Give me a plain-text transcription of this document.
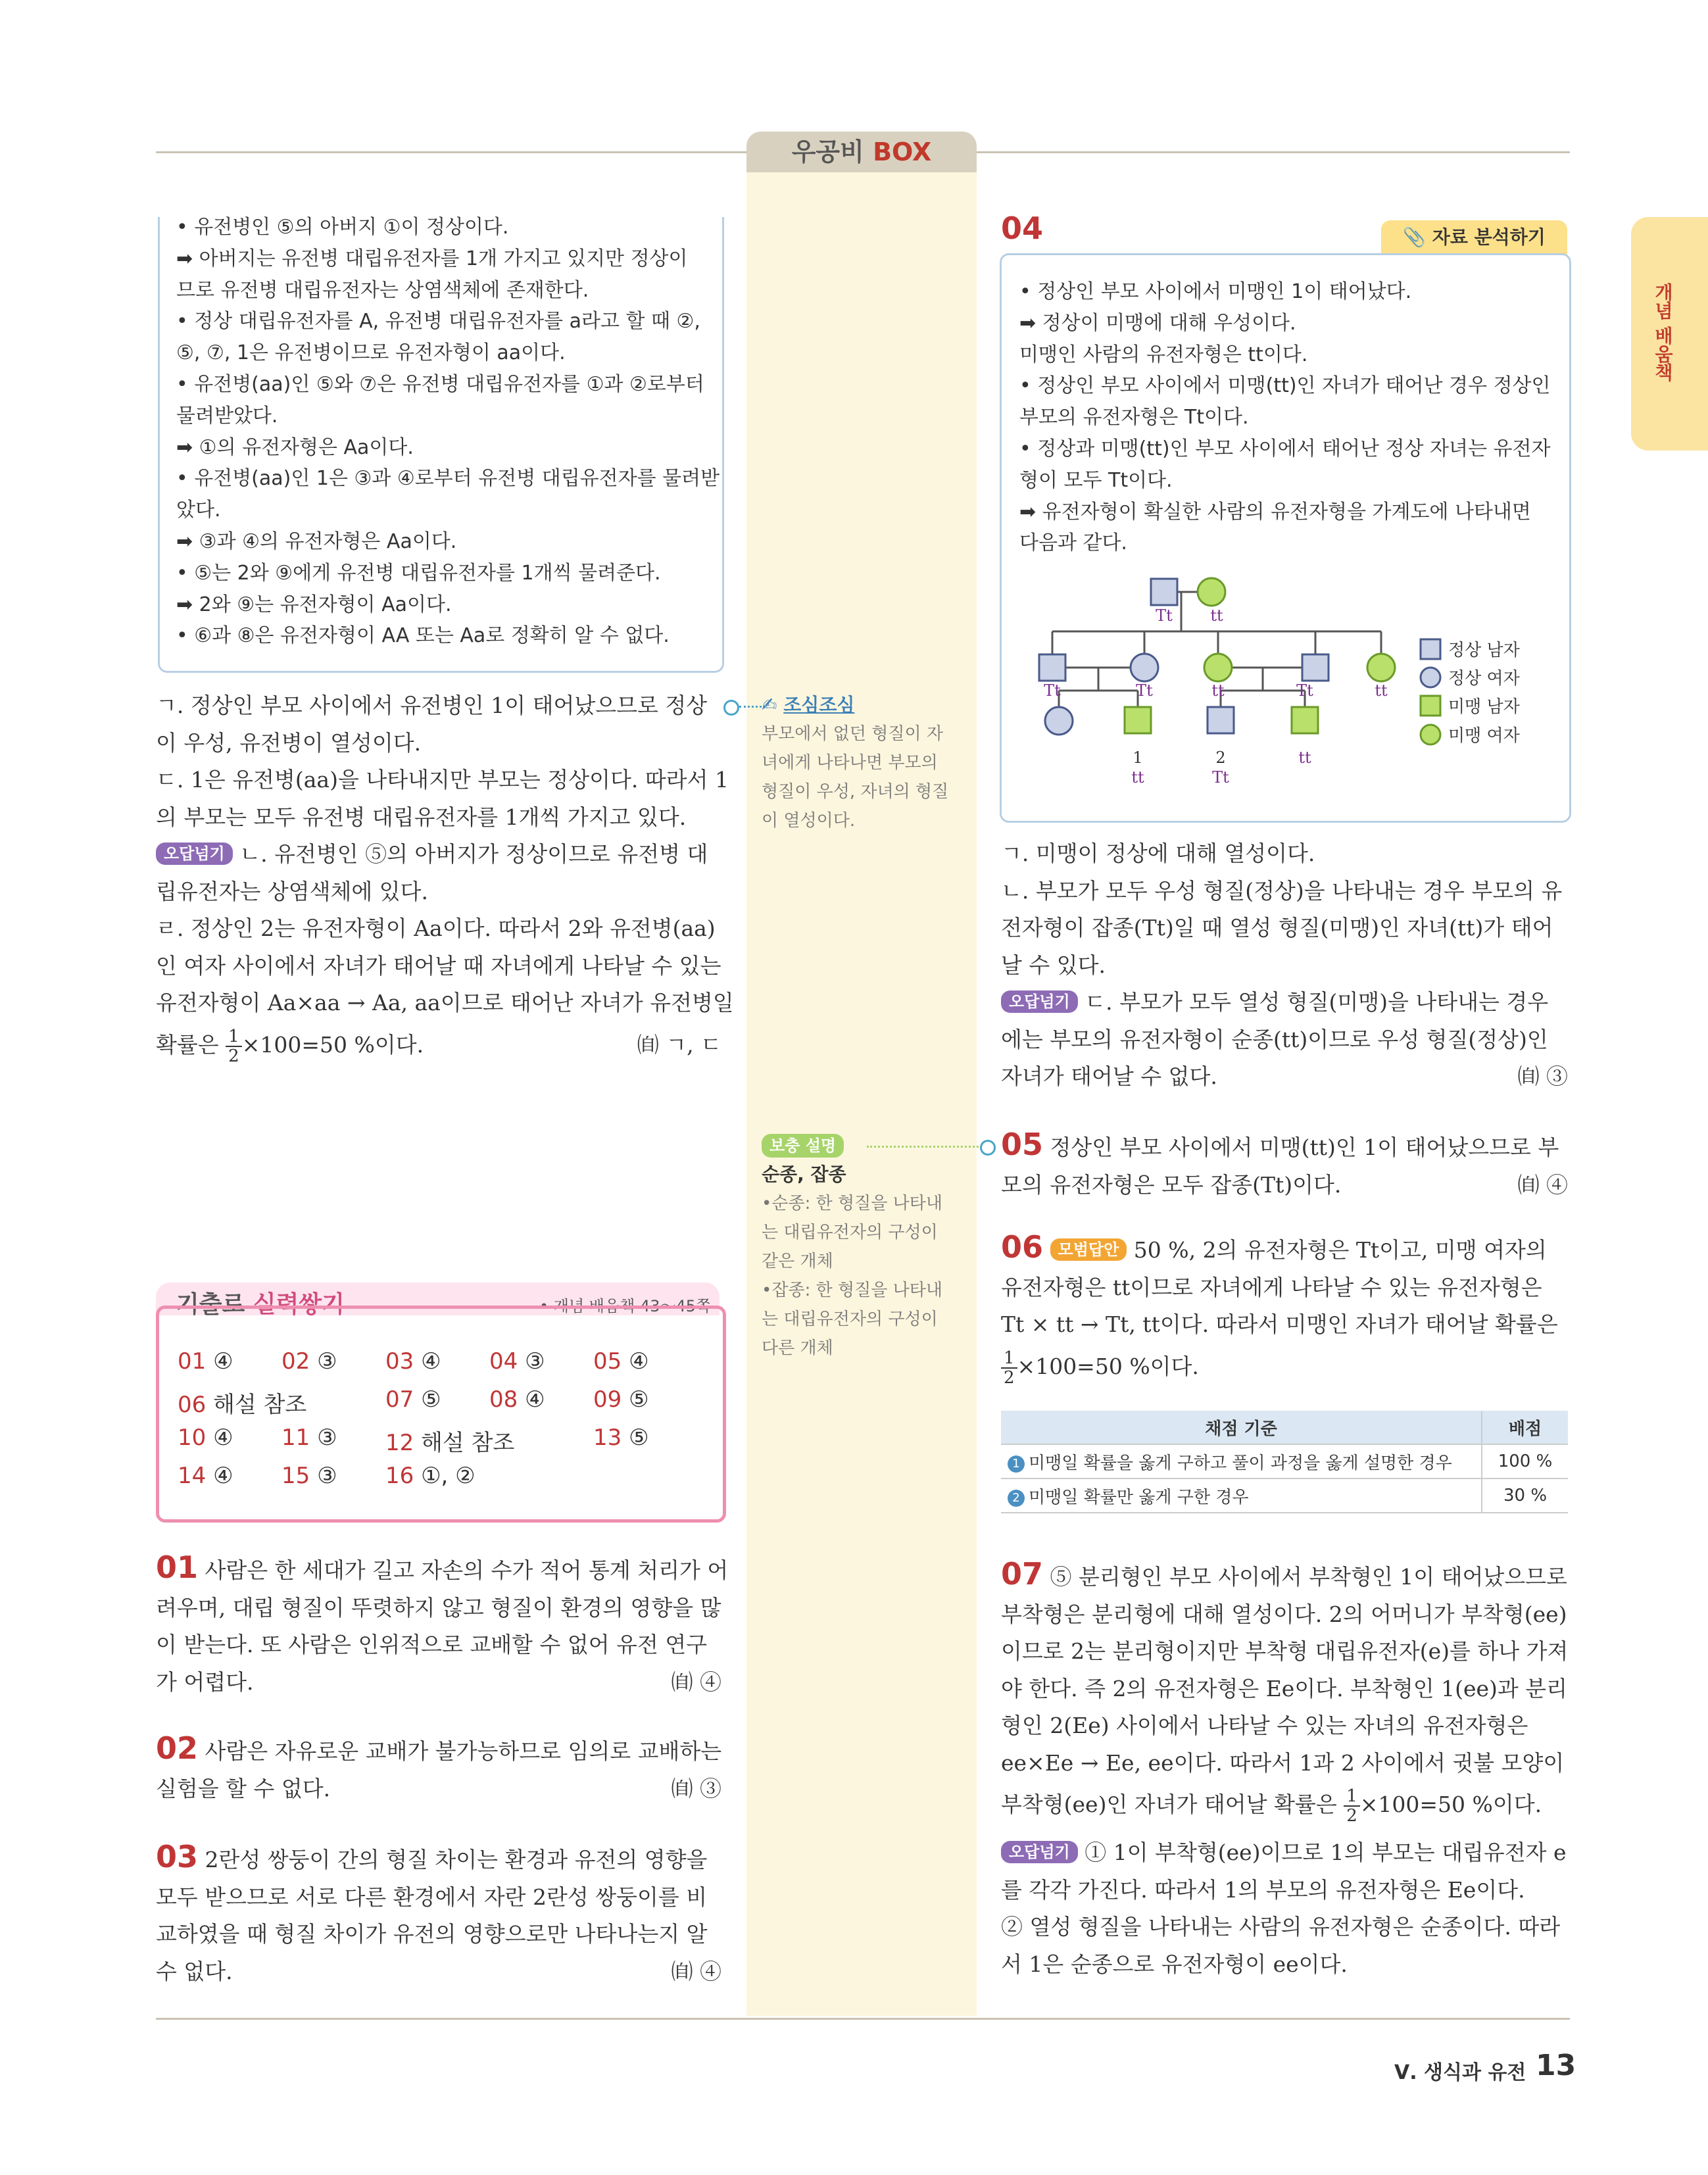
우공비 BOX
• 유전병인 ⑤의 아버지 ①이 정상이다.
➡ 아버지는 유전병 대립유전자를 1개 가지고 있지만 정상이
므로 유전병 대립유전자는 상염색체에 존재한다.
• 정상 대립유전자를 A, 유전병 대립유전자를 a라고 할 때 ②,
⑤, ⑦, 1은 유전병이므로 유전자형이 aa이다.
• 유전병(aa)인 ⑤와 ⑦은 유전병 대립유전자를 ①과 ②로부터
물려받았다.
➡ ①의 유전자형은 Aa이다.
• 유전병(aa)인 1은 ③과 ④로부터 유전병 대립유전자를 물려받
았다.
➡ ③과 ④의 유전자형은 Aa이다.
• ⑤는 2와 ⑨에게 유전병 대립유전자를 1개씩 물려준다.
➡ 2와 ⑨는 유전자형이 Aa이다.
• ⑥과 ⑧은 유전자형이 AA 또는 Aa로 정확히 알 수 없다.
ㄱ. 정상인 부모 사이에서 유전병인 1이 태어났으므로 정상
이 우성, 유전병이 열성이다.
ㄷ. 1은 유전병(aa)을 나타내지만 부모는 정상이다. 따라서 1
의 부모는 모두 유전병 대립유전자를 1개씩 가지고 있다.
오답넘기 ㄴ. 유전병인 ⑤의 아버지가 정상이므로 유전병 대
립유전자는 상염색체에 있다.
ㄹ. 정상인 2는 유전자형이 Aa이다. 따라서 2와 유전병(aa)
인 여자 사이에서 자녀가 태어날 때 자녀에게 나타날 수 있는
유전자형이 Aa×aa → Aa, aa이므로 태어난 자녀가 유전병일
확률은 $\frac{1}{2} \times 100=50$ %이다.	㉂ ㄱ, ㄷ
✍ 조심조심
부모에서 없던 형질이 자
녀에게 나타나면 부모의
형질이 우성, 자녀의 형질
이 열성이다.
보충 설명
순종, 잡종
•순종: 한 형질을 나타내
는 대립유전자의 구성이
같은 개체
•잡종: 한 형질을 나타내
는 대립유전자의 구성이
다른 개체
기출로 실력쌓기	• 개념 배움책 43～45쪽
01 ④ 02 ③ 03 ④ 04 ③ 05 ④
06 해설 참조	07 ⑤ 08 ④ 09 ⑤
10 ④ 11 ③ 12 해설 참조	13 ⑤
14 ④ 15 ③ 16 ①, ②
01 사람은 한 세대가 길고 자손의 수가 적어 통계 처리가 어
려우며, 대립 형질이 뚜렷하지 않고 형질이 환경의 영향을 많
이 받는다. 또 사람은 인위적으로 교배할 수 없어 유전 연구
가 어렵다.	㉂ ④
02 사람은 자유로운 교배가 불가능하므로 임의로 교배하는
실험을 할 수 없다.	㉂ ③
03 2란성 쌍둥이 간의 형질 차이는 환경과 유전의 영향을
모두 받으므로 서로 다른 환경에서 자란 2란성 쌍둥이를 비
교하였을 때 형질 차이가 유전의 영향으로만 나타나는지 알
수 없다.	㉂ ④
04	📎 자료 분석하기
• 정상인 부모 사이에서 미맹인 1이 태어났다.
➡ 정상이 미맹에 대해 우성이다.
미맹인 사람의 유전자형은 tt이다.
• 정상인 부모 사이에서 미맹(tt)인 자녀가 태어난 경우 정상인
부모의 유전자형은 Tt이다.
• 정상과 미맹(tt)인 부모 사이에서 태어난 정상 자녀는 유전자
형이 모두 Tt이다.
➡ 유전자형이 확실한 사람의 유전자형을 가계도에 나타내면
다음과 같다.
Tt tt
Tt	Tt	tt	Tt	tt
tt	Tt
tt
1	2
정상 남자
정상 여자
미맹 남자
미맹 여자
ㄱ. 미맹이 정상에 대해 열성이다.
ㄴ. 부모가 모두 우성 형질(정상)을 나타내는 경우 부모의 유
전자형이 잡종(Tt)일 때 열성 형질(미맹)인 자녀(tt)가 태어
날 수 있다.
오답넘기 ㄷ. 부모가 모두 열성 형질(미맹)을 나타내는 경우
에는 부모의 유전자형이 순종(tt)이므로 우성 형질(정상)인
자녀가 태어날 수 없다.	㉂ ③
05 정상인 부모 사이에서 미맹(tt)인 1이 태어났으므로 부
모의 유전자형은 모두 잡종(Tt)이다.	㉂ ④
06 모범답안 50 %, 2의 유전자형은 Tt이고, 미맹 여자의
유전자형은 tt이므로 자녀에게 나타날 수 있는 유전자형은
Tt × tt → Tt, tt이다. 따라서 미맹인 자녀가 태어날 확률은
$\frac{1}{2} \times 100=50$ %이다.
채점 기준	배점
1 미맹일 확률을 옳게 구하고 풀이 과정을 옳게 설명한 경우	100 %
2 미맹일 확률만 옳게 구한 경우	30 %
07 ⑤ 분리형인 부모 사이에서 부착형인 1이 태어났으므로
부착형은 분리형에 대해 열성이다. 2의 어머니가 부착형(ee)
이므로 2는 분리형이지만 부착형 대립유전자(e)를 하나 가져
야 한다. 즉 2의 유전자형은 Ee이다. 부착형인 1(ee)과 분리
형인 2(Ee) 사이에서 나타날 수 있는 자녀의 유전자형은
ee×Ee → Ee, ee이다. 따라서 1과 2 사이에서 귓불 모양이
부착형(ee)인 자녀가 태어날 확률은 $\frac{1}{2} \times 100=50$ %이다.
오답넘기 ① 1이 부착형(ee)이므로 1의 부모는 대립유전자 e
를 각각 가진다. 따라서 1의 부모의 유전자형은 Ee이다.
② 열성 형질을 나타내는 사람의 유전자형은 순종이다. 따라
서 1은 순종으로 유전자형이 ee이다.
개념 배움책
Ⅴ. 생식과 유전 13
